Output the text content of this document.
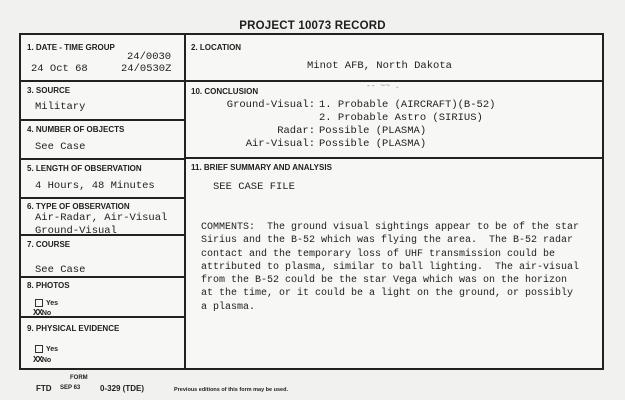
PROJECT 10073 RECORD
1. DATE - TIME GROUP
24/0030
24 Oct 68	24/0530Z
2. LOCATION
Minot AFB, North Dakota
3. SOURCE
Military
4. NUMBER OF OBJECTS
See Case
5. LENGTH OF OBSERVATION
4 Hours, 48 Minutes
6. TYPE OF OBSERVATION
Air-Radar, Air-Visual
Ground-Visual
7. COURSE
See Case
8. PHOTOS
Yes
XXNo
9. PHYSICAL EVIDENCE
Yes
XXNo
10. CONCLUSION
-- ~~ .
Ground-Visual: 1. Probable (AIRCRAFT)(B-52)
2. Probable Astro (SIRIUS)
Radar: Possible (PLASMA)
Air-Visual: Possible (PLASMA)
11. BRIEF SUMMARY AND ANALYSIS
SEE CASE FILE
COMMENTS:  The ground visual sightings appear to be of the star
Sirius and the B-52 which was flying the area.  The B-52 radar
contact and the temporary loss of UHF transmission could be
attributed to plasma, similar to ball lighting.  The air-visual
from the B-52 could be the star Vega which was on the horizon
at the time, or it could be a light on the ground, or possibly
a plasma.
FORM
FTD SEP 63 0-329 (TDE)	Previous editions of this form may be used.
